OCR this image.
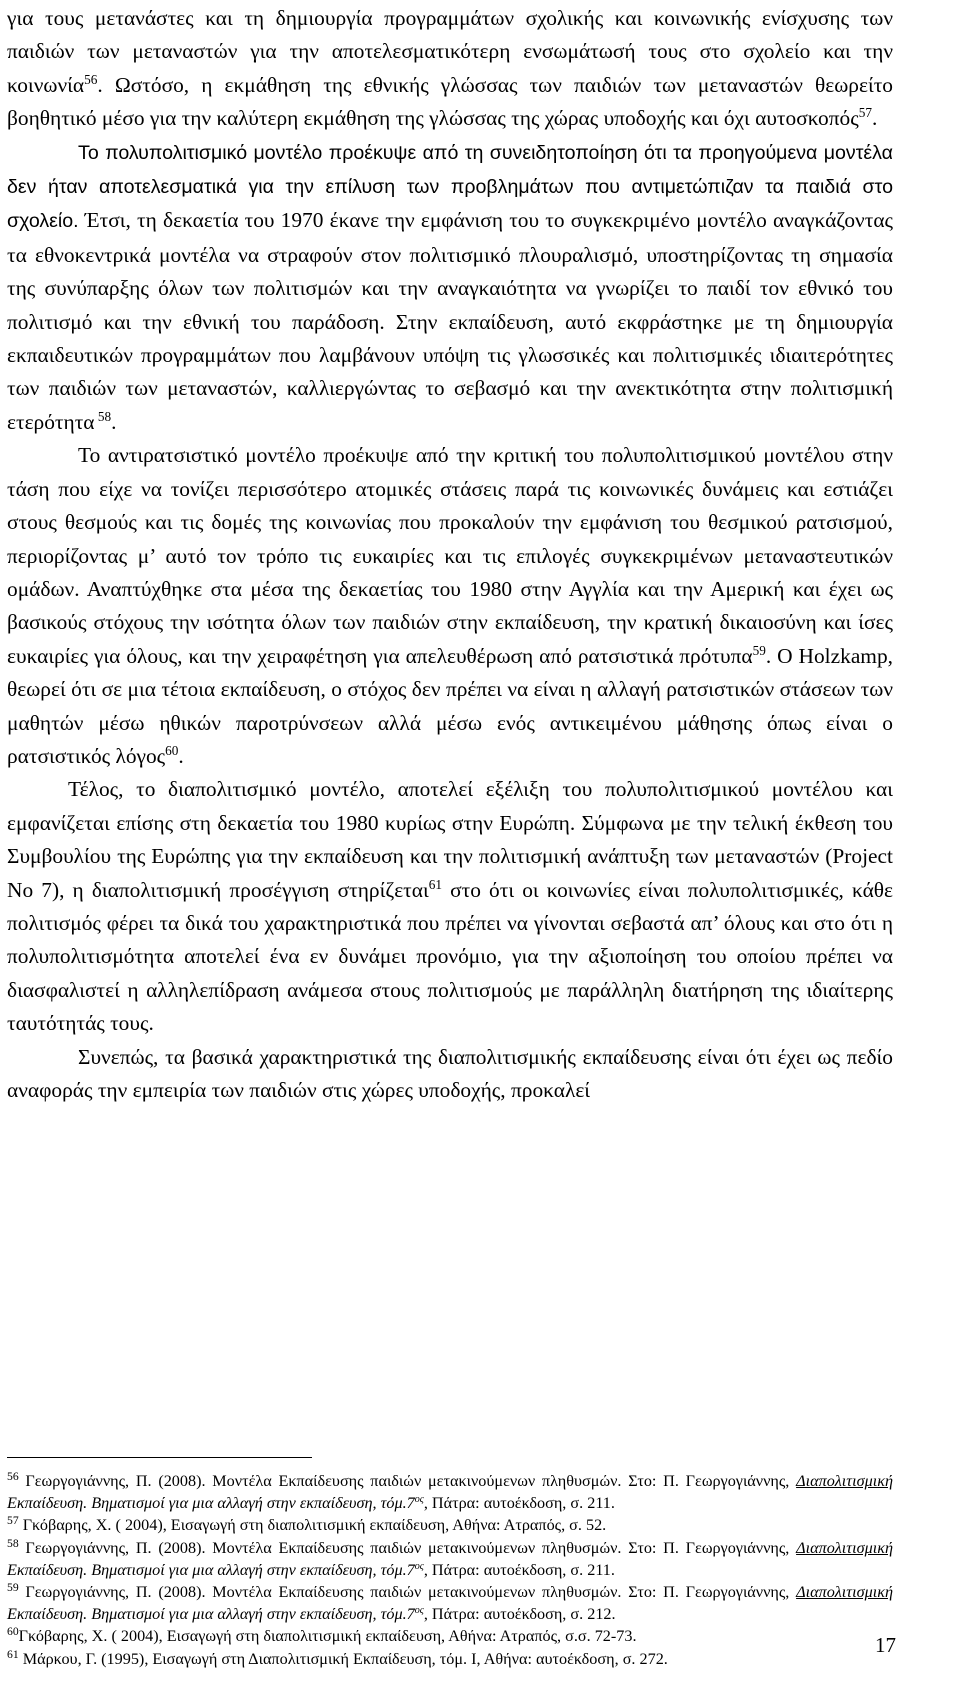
για τους μετανάστες και τη δημιουργία προγραμμάτων σχολικής και κοινωνικής ενίσχυσης των παιδιών των μεταναστών για την αποτελεσματικότερη ενσωμάτωσή τους στο σχολείο και την κοινωνία$^{56}$. Ωστόσο, η εκμάθηση της εθνικής γλώσσας των παιδιών των μεταναστών θεωρείτο βοηθητικό μέσο για την καλύτερη εκμάθηση της γλώσσας της χώρας υποδοχής και όχι αυτοσκοπός$^{57}$.

Το πολυπολιτισμικό μοντέλο προέκυψε από τη συνειδητοποίηση ότι τα προηγούμενα μοντέλα δεν ήταν αποτελεσματικά για την επίλυση των προβλημάτων που αντιμετώπιζαν τα παιδιά στο σχολείο. Έτσι, τη δεκαετία του 1970 έκανε την εμφάνιση του το συγκεκριμένο μοντέλο αναγκάζοντας τα εθνοκεντρικά μοντέλα να στραφούν στον πολιτισμικό πλουραλισμό, υποστηρίζοντας τη σημασία της συνύπαρξης όλων των πολιτισμών και την αναγκαιότητα να γνωρίζει το παιδί τον εθνικό του πολιτισμό και την εθνική του παράδοση. Στην εκπαίδευση, αυτό εκφράστηκε με τη δημιουργία εκπαιδευτικών προγραμμάτων που λαμβάνουν υπόψη τις γλωσσικές και πολιτισμικές ιδιαιτερότητες των παιδιών των μεταναστών, καλλιεργώντας το σεβασμό και την ανεκτικότητα στην πολιτισμική ετερότητα $^{58}$.

Το αντιρατσιστικό μοντέλο προέκυψε από την κριτική του πολυπολιτισμικού μοντέλου στην τάση που είχε να τονίζει περισσότερο ατομικές στάσεις παρά τις κοινωνικές δυνάμεις και εστιάζει στους θεσμούς και τις δομές της κοινωνίας που προκαλούν την εμφάνιση του θεσμικού ρατσισμού, περιορίζοντας μ’ αυτό τον τρόπο τις ευκαιρίες και τις επιλογές συγκεκριμένων μεταναστευτικών ομάδων. Αναπτύχθηκε στα μέσα της δεκαετίας του 1980 στην Αγγλία και την Αμερική και έχει ως βασικούς στόχους την ισότητα όλων των παιδιών στην εκπαίδευση, την κρατική δικαιοσύνη και ίσες ευκαιρίες για όλους, και την χειραφέτηση για απελευθέρωση από ρατσιστικά πρότυπα$^{59}$. Ο Holzkamp, θεωρεί ότι σε μια τέτοια εκπαίδευση, ο στόχος δεν πρέπει να είναι η αλλαγή ρατσιστικών στάσεων των μαθητών μέσω ηθικών παροτρύνσεων αλλά μέσω ενός αντικειμένου μάθησης όπως είναι ο ρατσιστικός λόγος$^{60}$.

Τέλος, το διαπολιτισμικό μοντέλο, αποτελεί εξέλιξη του πολυπολιτισμικού μοντέλου και εμφανίζεται επίσης στη δεκαετία του 1980 κυρίως στην Ευρώπη. Σύμφωνα με την τελική έκθεση του Συμβουλίου της Ευρώπης για την εκπαίδευση και την πολιτισμική ανάπτυξη των μεταναστών (Project No 7), η διαπολιτισμική προσέγγιση στηρίζεται$^{61}$ στο ότι οι κοινωνίες είναι πολυπολιτισμικές, κάθε πολιτισμός φέρει τα δικά του χαρακτηριστικά που πρέπει να γίνονται σεβαστά απ’ όλους και στο ότι η πολυπολιτισμότητα αποτελεί ένα εν δυνάμει προνόμιο, για την αξιοποίηση του οποίου πρέπει να διασφαλιστεί η αλληλεπίδραση ανάμεσα στους πολιτισμούς με παράλληλη διατήρηση της ιδιαίτερης ταυτότητάς τους.

Συνεπώς, τα βασικά χαρακτηριστικά της διαπολιτισμικής εκπαίδευσης είναι ότι έχει ως πεδίο αναφοράς την εμπειρία των παιδιών στις χώρες υποδοχής, προκαλεί

$^{56}$ Γεωργογιάννης, Π. (2008). Μοντέλα Εκπαίδευσης παιδιών μετακινούμενων πληθυσμών. Στο: Π. Γεωργογιάννης, Διαπολιτισμική Εκπαίδευση. Βηματισμοί για μια αλλαγή στην εκπαίδευση, $\tau ό\mu.7^{o\varsigma}$, Πάτρα: αυτοέκδοση, σ. 211.

$^{57}$ Γκόβαρης, Χ. ( 2004), Εισαγωγή στη διαπολιτισμική εκπαίδευση, Αθήνα: Ατραπός, σ. 52.

$^{58}$ Γεωργογιάννης, Π. (2008). Μοντέλα Εκπαίδευσης παιδιών μετακινούμενων πληθυσμών. Στο: Π. Γεωργογιάννης, Διαπολιτισμική Εκπαίδευση. Βηματισμοί για μια αλλαγή στην εκπαίδευση, $\tau ό\mu.7^{o\varsigma}$, Πάτρα: αυτοέκδοση, σ. 211.

$^{59}$ Γεωργογιάννης, Π. (2008). Μοντέλα Εκπαίδευσης παιδιών μετακινούμενων πληθυσμών. Στο: Π. Γεωργογιάννης, Διαπολιτισμική Εκπαίδευση. Βηματισμοί για μια αλλαγή στην εκπαίδευση, $\tau ό\mu.7^{o\varsigma}$, Πάτρα: αυτοέκδοση, σ. 212.

$^{60}$Γκόβαρης, Χ. ( 2004), Εισαγωγή στη διαπολιτισμική εκπαίδευση, Αθήνα: Ατραπός, σ.σ. 72-73.

$^{61}$ Μάρκου, Γ. (1995), Εισαγωγή στη Διαπολιτισμική Εκπαίδευση, τόμ. Ι, Αθήνα: αυτοέκδοση, σ. 272.

17
